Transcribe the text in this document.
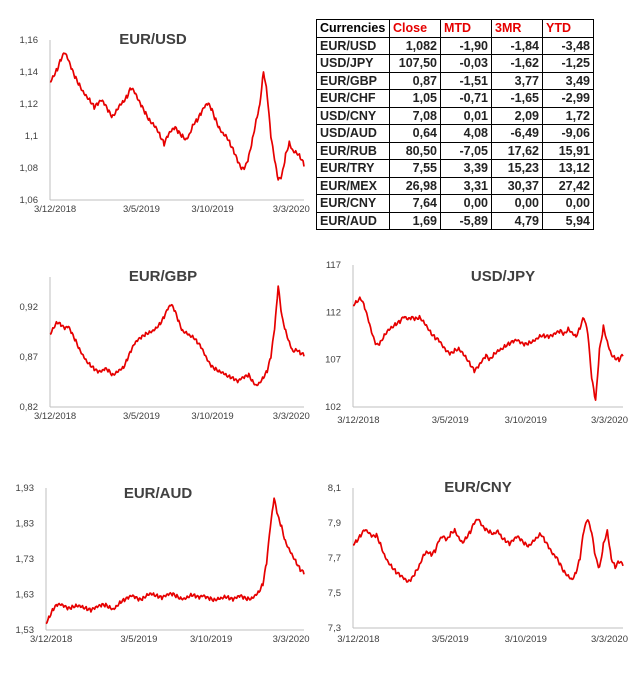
EUR/USD
1,06
1,08
1,1
1,12
1,14
1,16
3/12/2018	3/5/2019	3/10/2019	3/3/2020
EUR/GBP
0,82
0,87
0,92
3/12/2018	3/5/2019	3/10/2019	3/3/2020
USD/JPY
102
107
112
117
3/12/2018	3/5/2019	3/10/2019	3/3/2020
EUR/AUD
1,53
1,63
1,73
1,83
1,93
3/12/2018	3/5/2019	3/10/2019	3/3/2020
EUR/CNY
7,3
7,5
7,7
7,9
8,1
3/12/2018	3/5/2019	3/10/2019	3/3/2020
Currencies	Close	MTD	3MR	YTD
EUR/USD	1,082	-1,90	-1,84	-3,48
USD/JPY	107,50	-0,03	-1,62	-1,25
EUR/GBP	0,87	-1,51	3,77	3,49
EUR/CHF	1,05	-0,71	-1,65	-2,99
USD/CNY	7,08	0,01	2,09	1,72
USD/AUD	0,64	4,08	-6,49	-9,06
EUR/RUB	80,50	-7,05	17,62	15,91
EUR/TRY	7,55	3,39	15,23	13,12
EUR/MEX	26,98	3,31	30,37	27,42
EUR/CNY	7,64	0,00	0,00	0,00
EUR/AUD	1,69	-5,89	4,79	5,94
